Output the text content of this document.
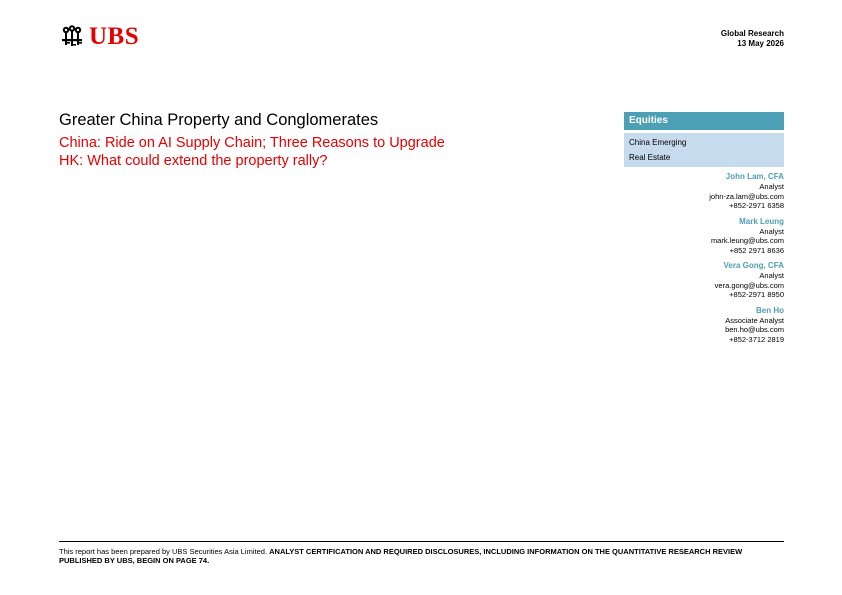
UBS	Global Research
13 May 2026
Greater China Property and Conglomerates

China: Ride on AI Supply Chain; Three Reasons to Upgrade

HK: What could extend the property rally?

Equities
China Emerging
Real Estate
John Lam, CFA
Analyst
john-za.lam@ubs.com
+852-2971 6358
Mark Leung
Analyst
mark.leung@ubs.com
+852 2971 8636
Vera Gong, CFA
Analyst
vera.gong@ubs.com
+852-2971 8950
Ben Ho
Associate Analyst
ben.ho@ubs.com
+852-3712 2819
This report has been prepared by UBS Securities Asia Limited. ANALYST CERTIFICATION AND REQUIRED DISCLOSURES, INCLUDING INFORMATION ON THE QUANTITATIVE RESEARCH REVIEW PUBLISHED BY UBS, BEGIN ON PAGE 74.
